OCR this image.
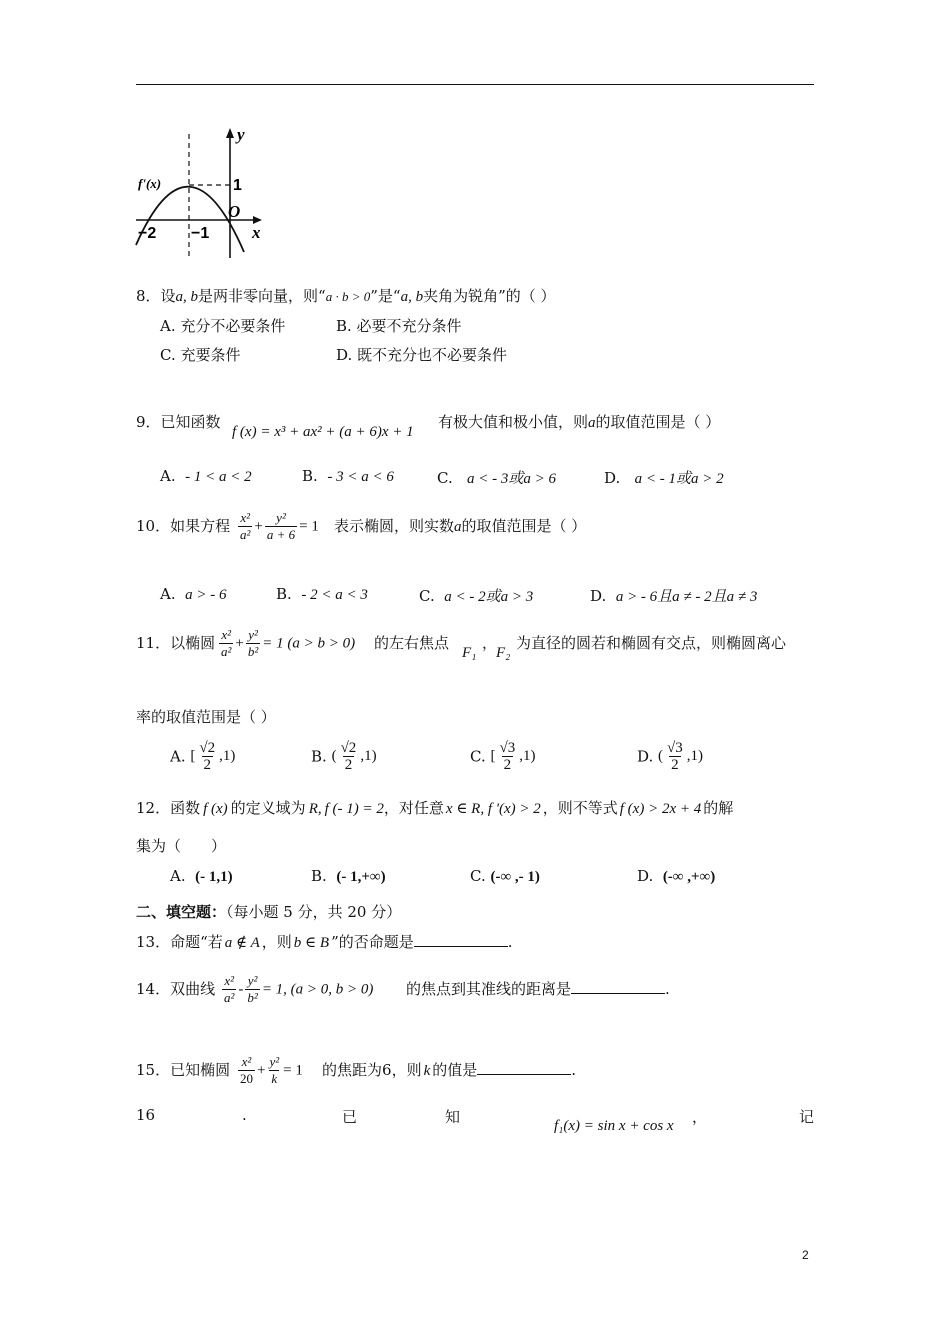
y
x
O
1
−2 −1
f'(x)
8．设a, b是两非零向量，则“a · b > 0”是“a, b夹角为锐角”的（ ）
A. 充分不必要条件	B. 必要不充分条件
C. 充要条件	D. 既不充分也不必要条件
9．已知函数
f (x) = x³ + ax² + (a + 6)x + 1
有极大值和极小值，则a的取值范围是（ ）
A. - 1 < a < 2	B. - 3 < a < 6	C. a < - 3或a > 6	D. a < - 1或a > 2
10．如果方程 $\frac{\text{x²}}{\text{a²}} + \frac{\text{y²}}{a + 6} = 1$ 表示椭圆，则实数a的取值范围是（ ）
A. a > - 6	B. - 2 < a < 3	C. a < - 2或a > 3	D. a > - 6且a ≠ - 2且a ≠ 3
11．以椭圆 $\frac{\text{x²}}{\text{a²}} + \frac{\text{y²}}{\text{b²}} = 1$ (a > b > 0) 的左右焦点
F₁
，
F₂
为直径的圆若和椭圆有交点，则椭圆离心
率的取值范围是（ ）
A. [ $\frac{√2}{2} ,1$)	B. ( $\frac{√2}{2} ,1$)	C. [ $\frac{√3}{2} ,1$)	D. ( $\frac{√3}{2} ,1$)
12．函数 f (x) 的定义域为 R, f (- 1) = 2，对任意 x ∈ R, f '(x) > 2 ，则不等式 f (x) > 2x + 4 的解
集为（　　）
A. (- 1,1)	B. (- 1,+∞)	C. (-∞ ,- 1)	D. (-∞ ,+∞)
二、填空题：（每小题 5 分，共 20 分）
13．命题“若 a ∉ A ，则 b ∈ B ”的否命题是	.
14．双曲线 $\frac{\text{x²}}{\text{a²}} - \frac{\text{y²}}{\text{b²}} = 1$, (a > 0, b > 0) 的焦点到其准线的距离是	.
15．已知椭圆 $\frac{\text{x²}}{20} + \frac{\text{y²}}{k} = 1$ 的焦距为6，则 k 的值是	.
16	.	已	知	f₁(x) = sin x + cos x ，	记
2
